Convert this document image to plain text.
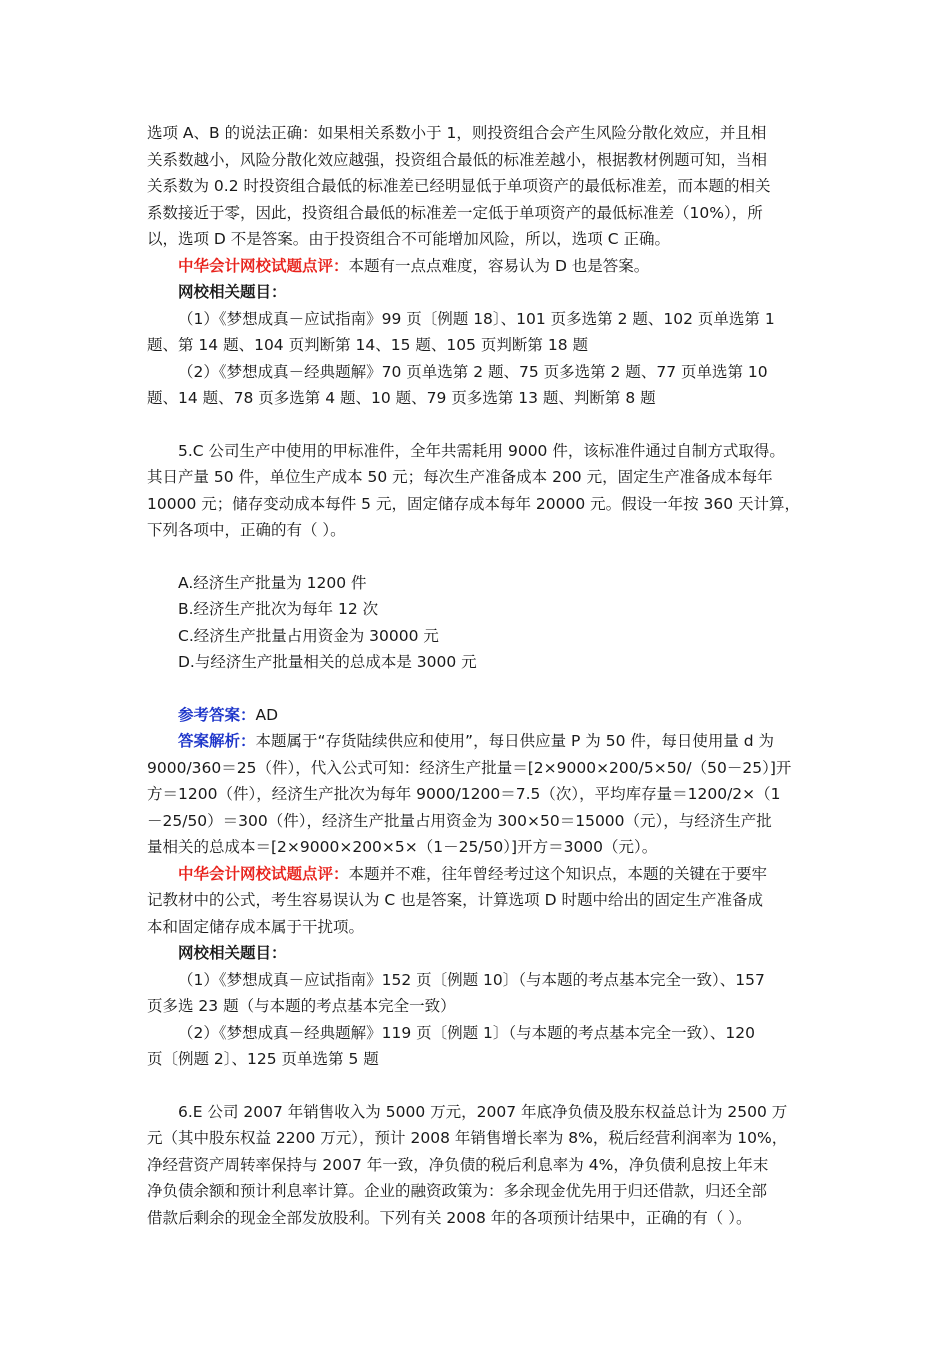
选项 A、B 的说法正确：如果相关系数小于 1，则投资组合会产生风险分散化效应，并且相

关系数越小，风险分散化效应越强，投资组合最低的标准差越小，根据教材例题可知，当相

关系数为 0.2 时投资组合最低的标准差已经明显低于单项资产的最低标准差，而本题的相关

系数接近于零，因此，投资组合最低的标准差一定低于单项资产的最低标准差（10%），所

以，选项 D 不是答案。由于投资组合不可能增加风险，所以，选项 C 正确。

中华会计网校试题点评：本题有一点点难度，容易认为 D 也是答案。

网校相关题目：

（1）《梦想成真－应试指南》99 页〔例题 18〕、101 页多选第 2 题、102 页单选第 1

题、第 14 题、104 页判断第 14、15 题、105 页判断第 18 题

（2）《梦想成真－经典题解》70 页单选第 2 题、75 页多选第 2 题、77 页单选第 10

题、14 题、78 页多选第 4 题、10 题、79 页多选第 13 题、判断第 8 题

5.C 公司生产中使用的甲标准件，全年共需耗用 9000 件，该标准件通过自制方式取得。

其日产量 50 件，单位生产成本 50 元；每次生产准备成本 200 元，固定生产准备成本每年

10000 元；储存变动成本每件 5 元，固定储存成本每年 20000 元。假设一年按 360 天计算，

下列各项中，正确的有（ ）。

A.经济生产批量为 1200 件

B.经济生产批次为每年 12 次

C.经济生产批量占用资金为 30000 元

D.与经济生产批量相关的总成本是 3000 元

参考答案：AD

答案解析：本题属于“存货陆续供应和使用”，每日供应量 P 为 50 件，每日使用量 d 为

9000/360＝25（件），代入公式可知：经济生产批量＝[2×9000×200/5×50/（50－25）]开

方＝1200（件），经济生产批次为每年 9000/1200＝7.5（次），平均库存量＝1200/2×（1

－25/50）＝300（件），经济生产批量占用资金为 300×50＝15000（元），与经济生产批

量相关的总成本＝[2×9000×200×5×（1－25/50）]开方＝3000（元）。

中华会计网校试题点评：本题并不难，往年曾经考过这个知识点，本题的关键在于要牢

记教材中的公式，考生容易误认为 C 也是答案，计算选项 D 时题中给出的固定生产准备成

本和固定储存成本属于干扰项。

网校相关题目：

（1）《梦想成真－应试指南》152 页〔例题 10〕（与本题的考点基本完全一致）、157

页多选 23 题（与本题的考点基本完全一致）

（2）《梦想成真－经典题解》119 页〔例题 1〕（与本题的考点基本完全一致）、120

页〔例题 2〕、125 页单选第 5 题

6.E 公司 2007 年销售收入为 5000 万元，2007 年底净负债及股东权益总计为 2500 万

元（其中股东权益 2200 万元），预计 2008 年销售增长率为 8%，税后经营利润率为 10%，

净经营资产周转率保持与 2007 年一致，净负债的税后利息率为 4%，净负债利息按上年末

净负债余额和预计利息率计算。企业的融资政策为：多余现金优先用于归还借款，归还全部

借款后剩余的现金全部发放股利。下列有关 2008 年的各项预计结果中，正确的有（ ）。
